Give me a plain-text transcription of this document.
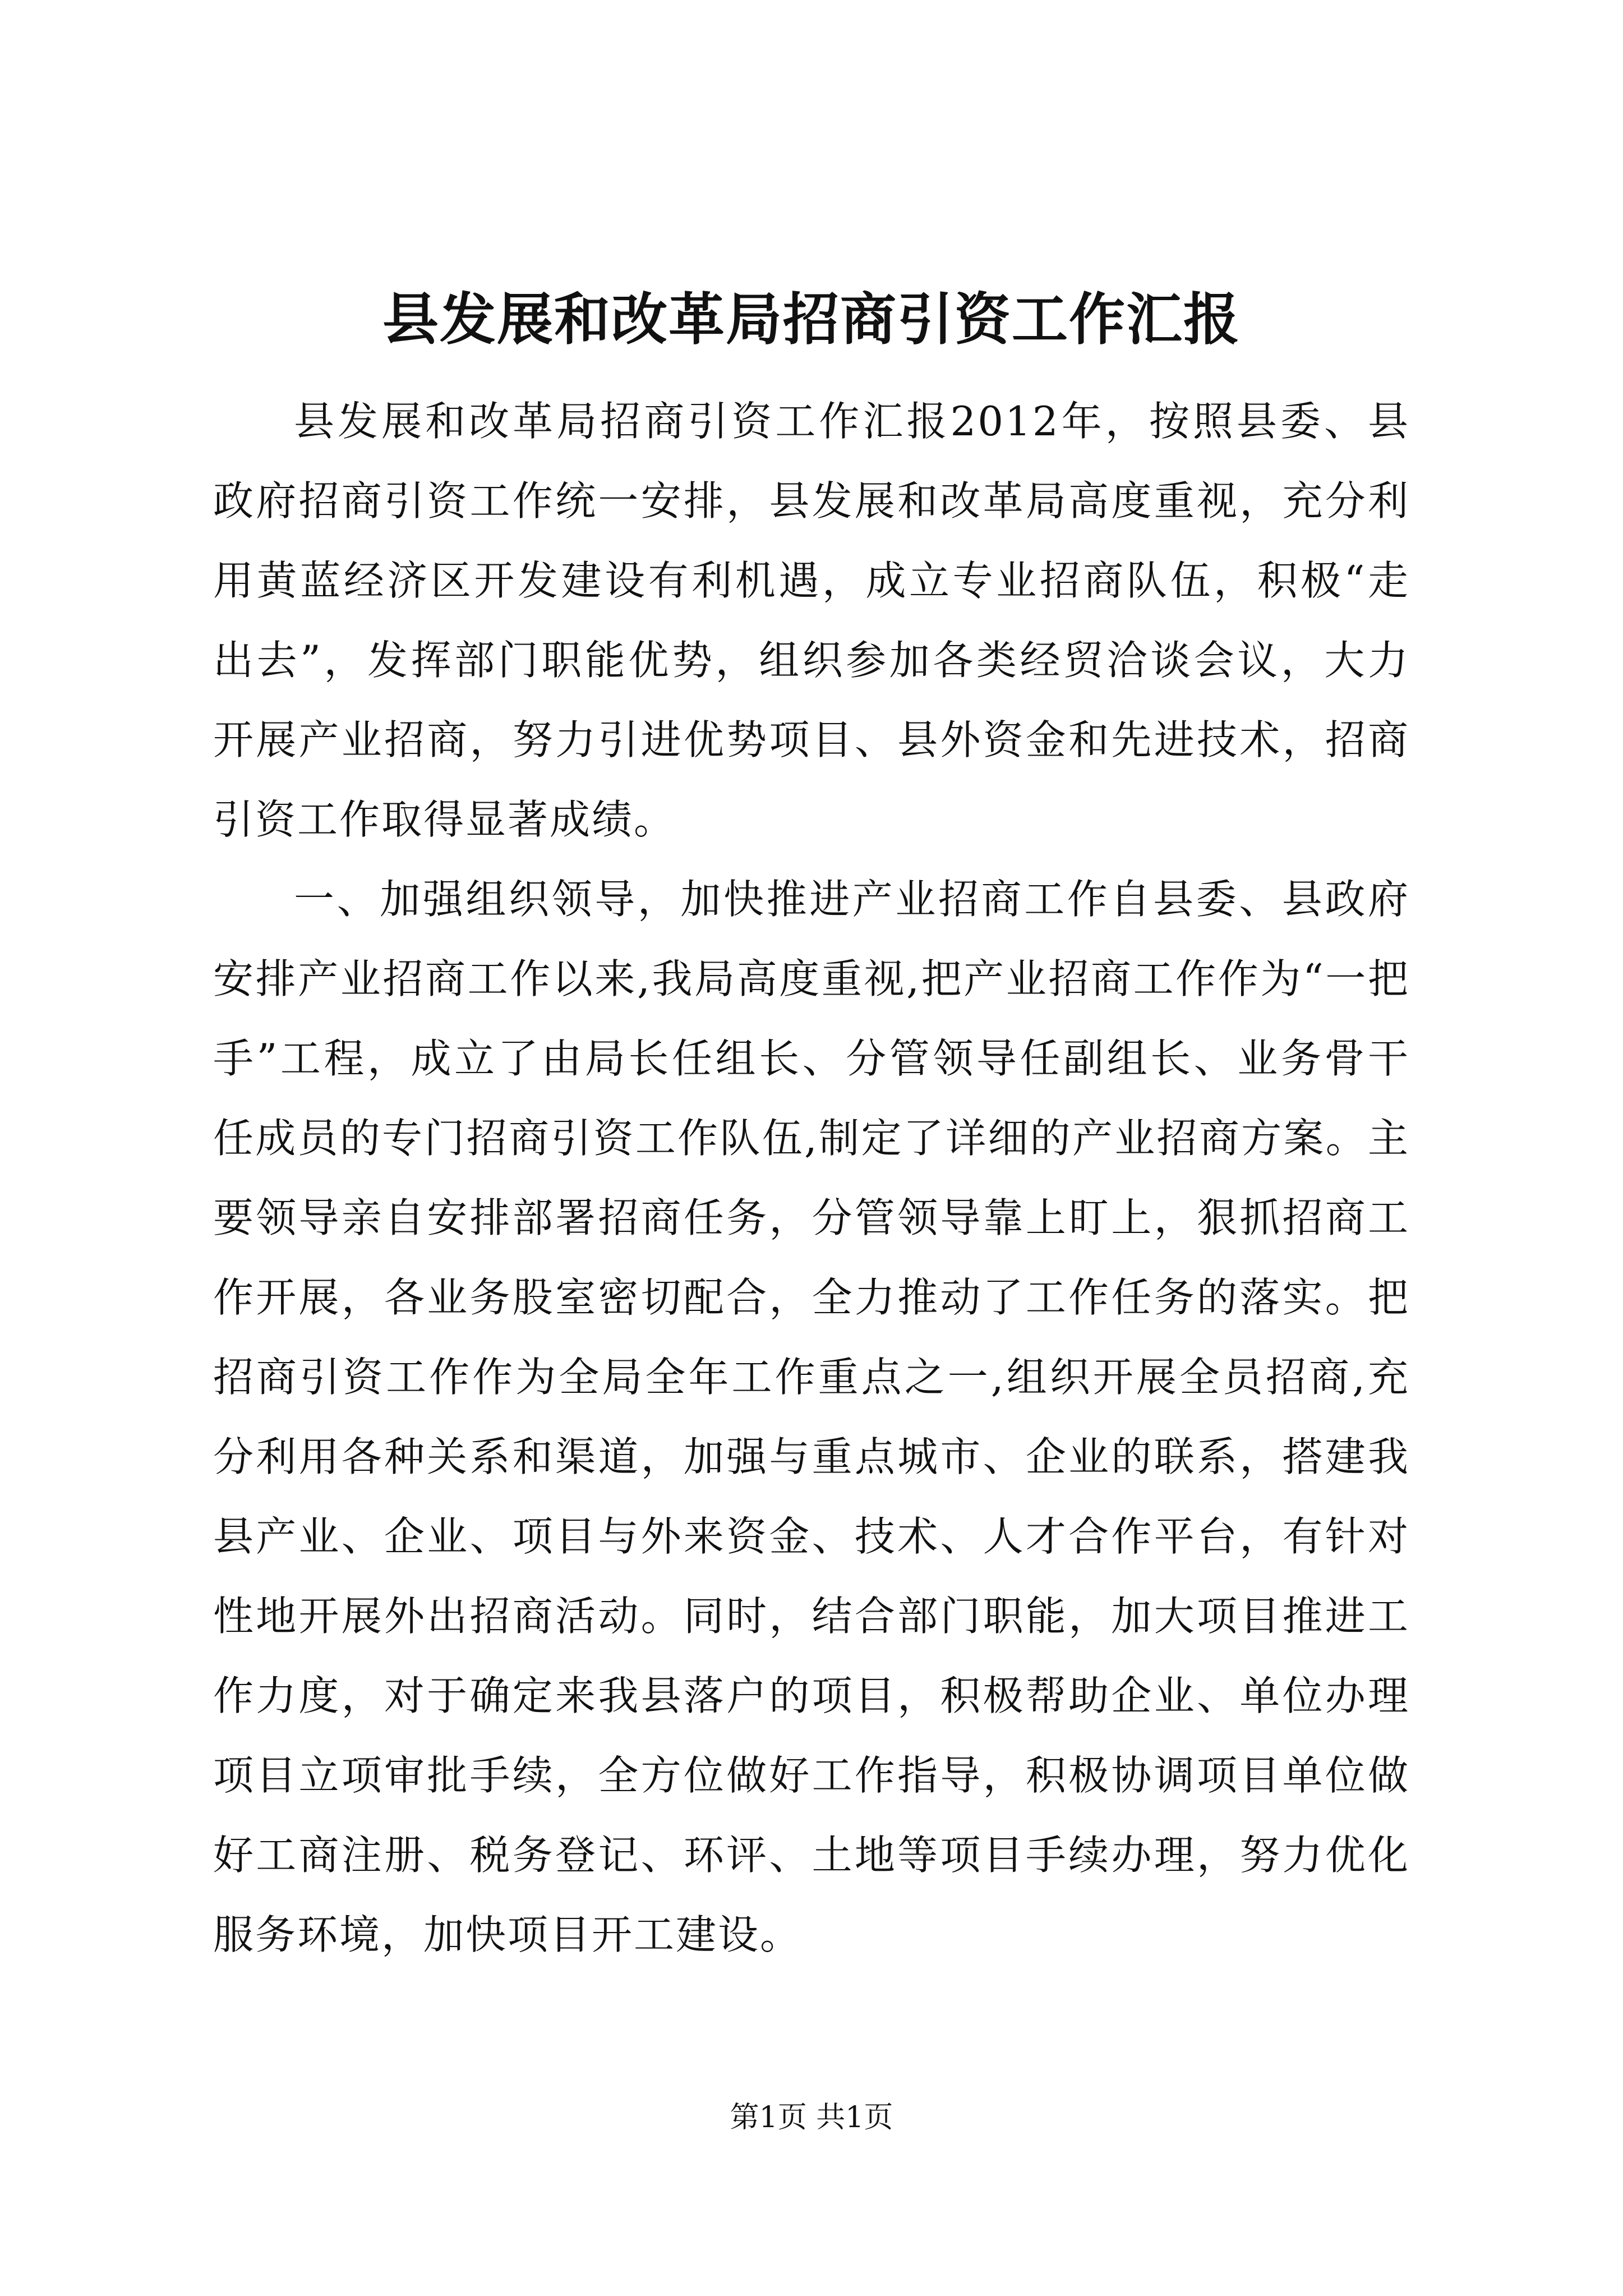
县发展和改革局招商引资工作汇报

县发展和改革局招商引资工作汇报2012年，按照县委、县政府招商引资工作统一安排，县发展和改革局高度重视，充分利用黄蓝经济区开发建设有利机遇，成立专业招商队伍，积极“走出去”，发挥部门职能优势，组织参加各类经贸洽谈会议，大力开展产业招商，努力引进优势项目、县外资金和先进技术，招商引资工作取得显著成绩。

一、加强组织领导，加快推进产业招商工作自县委、县政府安排产业招商工作以来,我局高度重视,把产业招商工作作为“一把手”工程，成立了由局长任组长、分管领导任副组长、业务骨干任成员的专门招商引资工作队伍,制定了详细的产业招商方案。主要领导亲自安排部署招商任务，分管领导靠上盯上，狠抓招商工作开展，各业务股室密切配合，全力推动了工作任务的落实。把招商引资工作作为全局全年工作重点之一,组织开展全员招商,充分利用各种关系和渠道，加强与重点城市、企业的联系，搭建我县产业、企业、项目与外来资金、技术、人才合作平台，有针对性地开展外出招商活动。同时，结合部门职能，加大项目推进工作力度，对于确定来我县落户的项目，积极帮助企业、单位办理项目立项审批手续，全方位做好工作指导，积极协调项目单位做好工商注册、税务登记、环评、土地等项目手续办理，努力优化服务环境，加快项目开工建设。

第1页 共1页
